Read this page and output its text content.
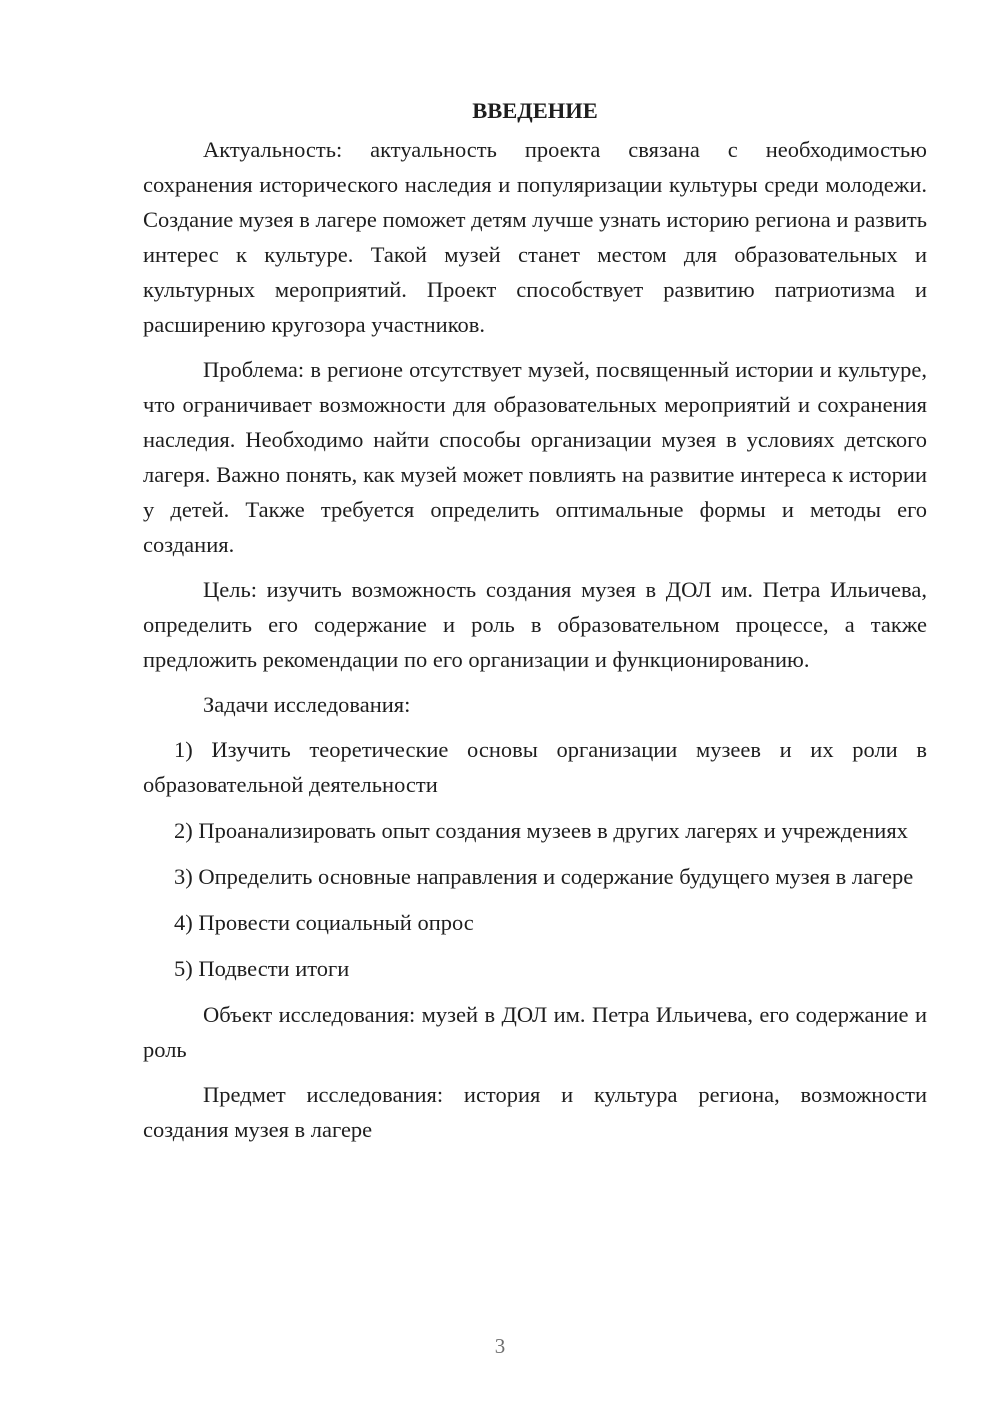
ВВЕДЕНИЕ

Актуальность: актуальность проекта связана с необходимостью сохранения исторического наследия и популяризации культуры среди молодежи. Создание музея в лагере поможет детям лучше узнать историю региона и развить интерес к культуре. Такой музей станет местом для образовательных и культурных мероприятий. Проект способствует развитию патриотизма и расширению кругозора участников.

Проблема: в регионе отсутствует музей, посвященный истории и культуре, что ограничивает возможности для образовательных мероприятий и сохранения наследия. Необходимо найти способы организации музея в условиях детского лагеря. Важно понять, как музей может повлиять на развитие интереса к истории у детей. Также требуется определить оптимальные формы и методы его создания.

Цель: изучить возможность создания музея в ДОЛ им. Петра Ильичева, определить его содержание и роль в образовательном процессе, а также предложить рекомендации по его организации и функционированию.

Задачи исследования:

1) Изучить теоретические основы организации музеев и их роли в образовательной деятельности

2) Проанализировать опыт создания музеев в других лагерях и учреждениях

3) Определить основные направления и содержание будущего музея в лагере

4) Провести социальный опрос

5) Подвести итоги

Объект исследования: музей в ДОЛ им. Петра Ильичева, его содержание и роль

Предмет исследования: история и культура региона, возможности создания музея в лагере

3
